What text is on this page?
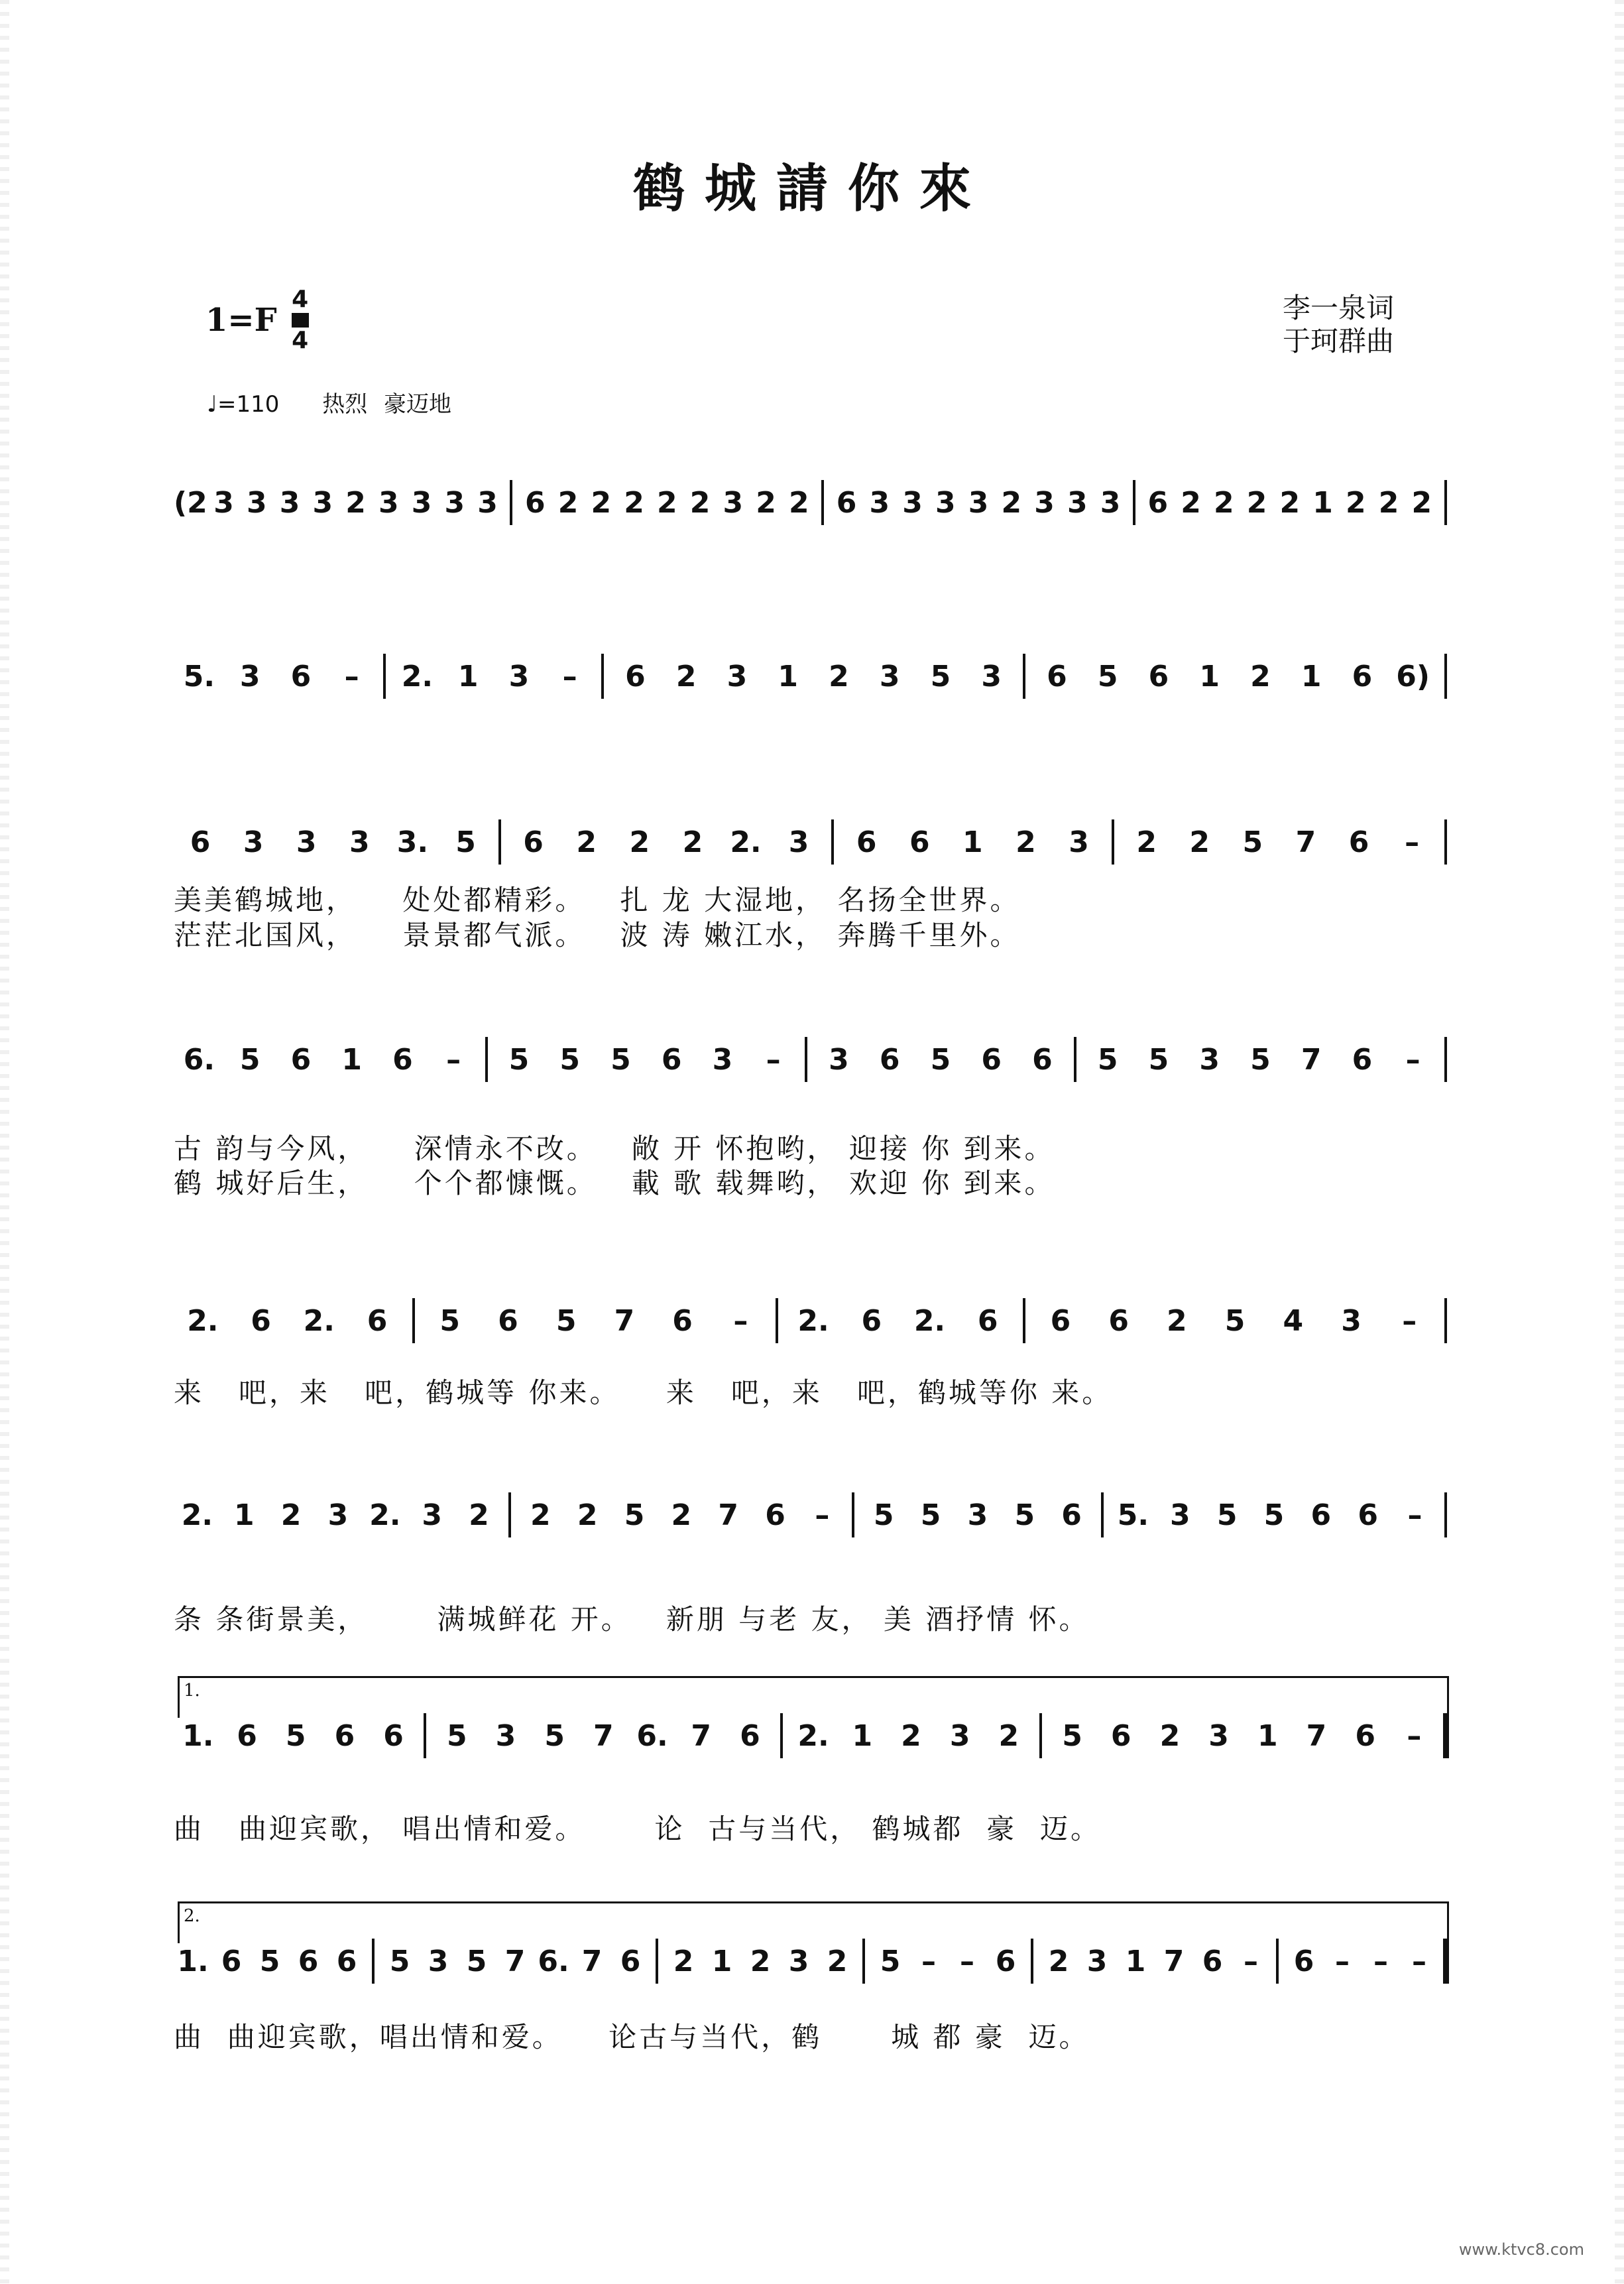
鹤城請你來
1=F
4
4
李一泉词
于珂群曲
♩=110 热烈 豪迈地
(2 3 3 3 3 2 3 3 3 3 6 2 2 2 2 2 3 2 2 6 3 3 3 3 2 3 3 3 6 2 2 2 2 1 2 2 2
5. 3	6	–	2. 1	3	–	6	2	3	1	2	3	5	3	6	5	6	1	2	1	6 6)
6	3	3	3 3. 5	6	2	2	2 2. 3	6	6	1	2	3	2	2	5	7	6	–
美美鹤城地，    处处都精彩。   扎 龙 大湿地， 名扬全世界。
茫茫北国风，    景景都气派。   波 涛 嫩江水， 奔腾千里外。
6. 5	6	1	6	–	5	5	5	6	3	–	3	6	5	6	6	5	5	3	5	7	6	–
古 韵与今风，    深情永不改。   敞 开 怀抱哟， 迎接 你 到来。
鹤 城好后生，    个个都慷慨。   載 歌 载舞哟， 欢迎 你 到来。
2.	6	2.	6	5	6	5	7	6	–	2.	6	2.	6	6	6	2	5	4	3	–
来   吧，来   吧，鹤城等 你来。    来   吧，来   吧，鹤城等你 来。
2. 1 2 3 2. 3 2	2 2 5 2 7 6	–	5 5 3 5 6	5. 3 5 5 6 6	–
条 条街景美，      满城鲜花 开。   新朋 与老 友， 美 酒抒情 怀。
1.
1. 6 5 6 6	5 3 5 7 6. 7 6	2. 1 2 3 2	5 6 2 3 1 7 6	–
曲   曲迎宾歌， 唱出情和爱。      论  古与当代， 鹤城都  豪  迈。
2.
1. 6 5 6 6	5 3 5 7 6. 7 6	2 1 2 3 2	5 – – 6	2 3 1 7 6 –	6 – – –
曲  曲迎宾歌，唱出情和爱。    论古与当代，鹤      城 都 豪  迈。
www.ktvc8.com
